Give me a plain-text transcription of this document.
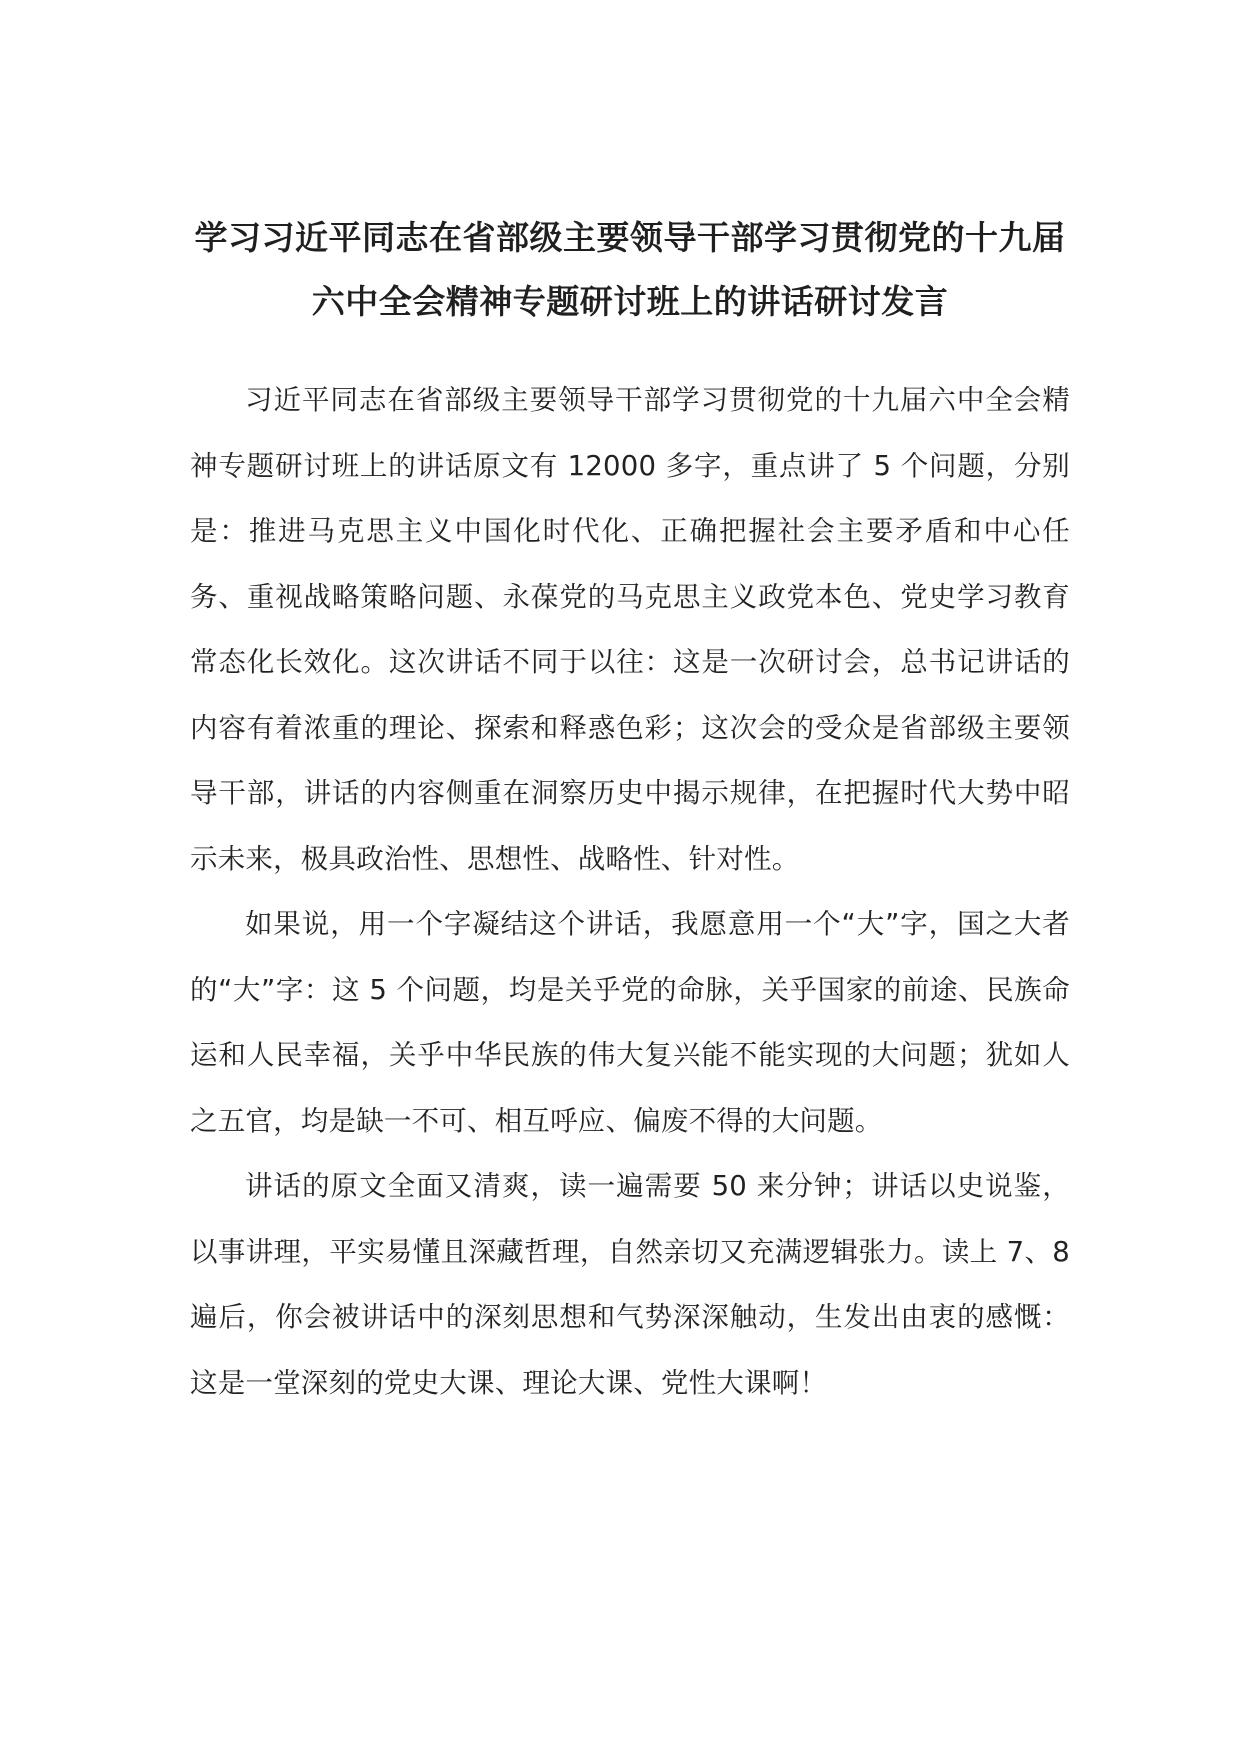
学习习近平同志在省部级主要领导干部学习贯彻党的十九届六中全会精神专题研讨班上的讲话研讨发言

习近平同志在省部级主要领导干部学习贯彻党的十九届六中全会精神专题研讨班上的讲话原文有 12000 多字，重点讲了 5 个问题，分别是：推进马克思主义中国化时代化、正确把握社会主要矛盾和中心任务、重视战略策略问题、永葆党的马克思主义政党本色、党史学习教育常态化长效化。这次讲话不同于以往：这是一次研讨会，总书记讲话的内容有着浓重的理论、探索和释惑色彩；这次会的受众是省部级主要领导干部，讲话的内容侧重在洞察历史中揭示规律，在把握时代大势中昭示未来，极具政治性、思想性、战略性、针对性。

如果说，用一个字凝结这个讲话，我愿意用一个“大”字，国之大者的“大”字：这 5 个问题，均是关乎党的命脉，关乎国家的前途、民族命运和人民幸福，关乎中华民族的伟大复兴能不能实现的大问题；犹如人之五官，均是缺一不可、相互呼应、偏废不得的大问题。

讲话的原文全面又清爽，读一遍需要 50 来分钟；讲话以史说鉴，以事讲理，平实易懂且深藏哲理，自然亲切又充满逻辑张力。读上 7、8 遍后，你会被讲话中的深刻思想和气势深深触动，生发出由衷的感慨：这是一堂深刻的党史大课、理论大课、党性大课啊！
